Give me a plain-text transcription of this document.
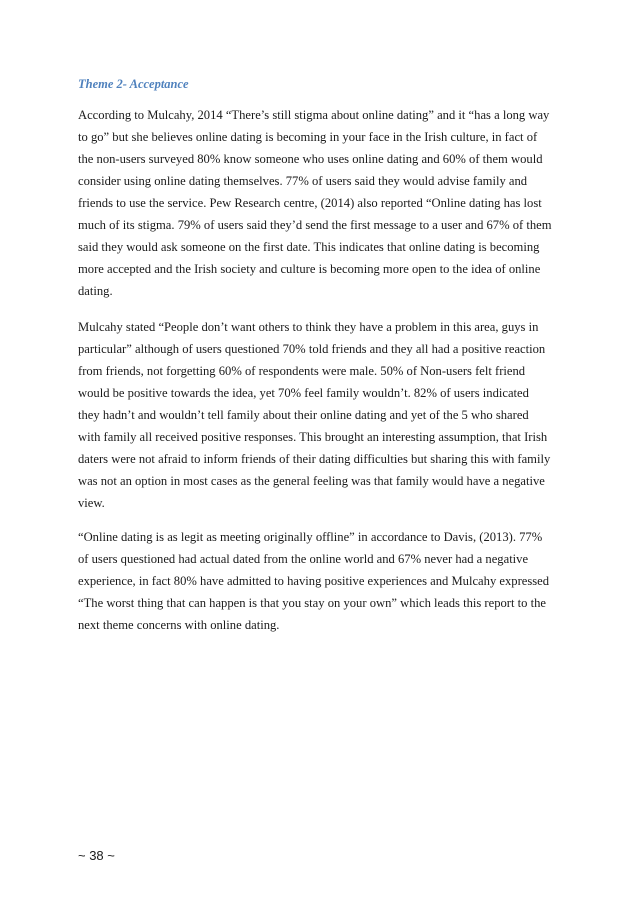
Theme 2- Acceptance

According to Mulcahy, 2014 “There’s still stigma about online dating” and it “has a long way
to go” but she believes online dating is becoming in your face in the Irish culture, in fact of
the non-users surveyed 80% know someone who uses online dating and 60% of them would
consider using online dating themselves. 77% of users said they would advise family and
friends to use the service. Pew Research centre, (2014) also reported “Online dating has lost
much of its stigma. 79% of users said they’d send the first message to a user and 67% of them
said they would ask someone on the first date. This indicates that online dating is becoming
more accepted and the Irish society and culture is becoming more open to the idea of online
dating.

Mulcahy stated “People don’t want others to think they have a problem in this area, guys in
particular” although of users questioned 70% told friends and they all had a positive reaction
from friends, not forgetting 60% of respondents were male. 50% of Non-users felt friend
would be positive towards the idea, yet 70% feel family wouldn’t. 82% of users indicated
they hadn’t and wouldn’t tell family about their online dating and yet of the 5 who shared
with family all received positive responses. This brought an interesting assumption, that Irish
daters were not afraid to inform friends of their dating difficulties but sharing this with family
was not an option in most cases as the general feeling was that family would have a negative
view.

“Online dating is as legit as meeting originally offline” in accordance to Davis, (2013). 77%
of users questioned had actual dated from the online world and 67% never had a negative
experience, in fact 80% have admitted to having positive experiences and Mulcahy expressed
“The worst thing that can happen is that you stay on your own” which leads this report to the
next theme concerns with online dating.

~ 38 ~
